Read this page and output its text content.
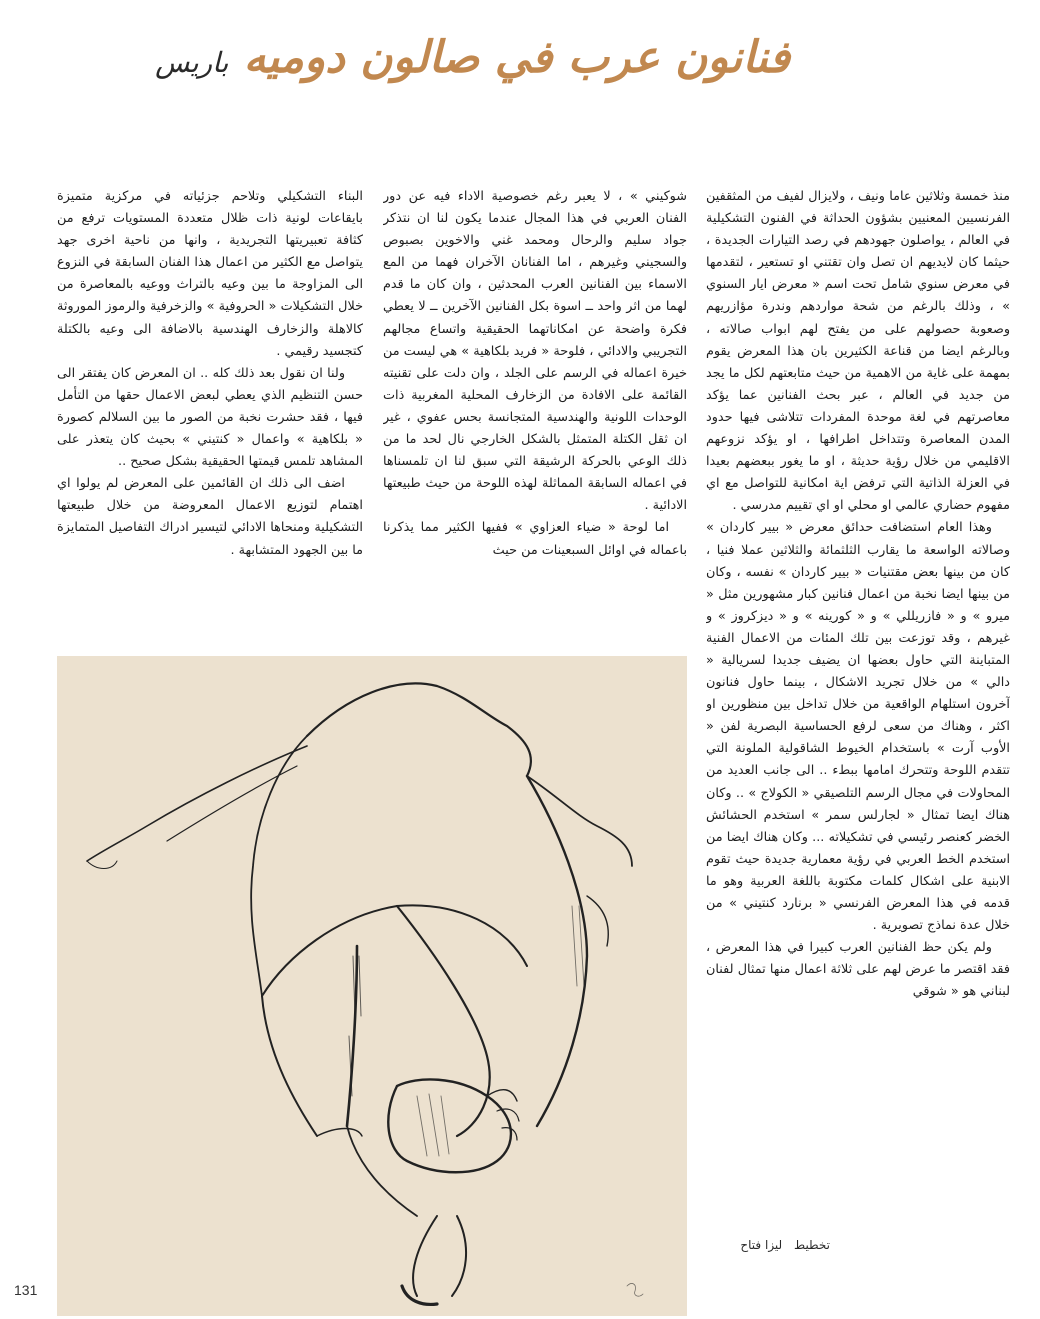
فنانون عرب في صالون دوميه باريس

منذ خمسة وثلاثين عاما ونيف ، ولايزال لفيف من المثقفين الفرنسيين المعنيين بشؤون الحداثة في الفنون التشكيلية في العالم ، يواصلون جهودهم في رصد التيارات الجديدة ، حيثما كان لايديهم ان تصل وان تقتني او تستعير ، لتقدمها في معرض سنوي شامل تحت اسم « معرض ايار السنوي » ، وذلك بالرغم من شحة مواردهم وندرة مؤازريهم وصعوبة حصولهم على من يفتح لهم ابواب صالاته ، وبالرغم ايضا من قناعة الكثيرين بان هذا المعرض يقوم بمهمة على غاية من الاهمية من حيث متابعتهم لكل ما يجد من جديد في العالم ، عبر بحث الفنانين عما يؤكد معاصرتهم في لغة موحدة المفردات تتلاشى فيها حدود المدن المعاصرة وتتداخل اطرافها ، او يؤكد نزوعهم الاقليمي من خلال رؤية حديثة ، او ما يغور ببعضهم بعيدا في العزلة الذاتية التي ترفض اية امكانية للتواصل مع اي مفهوم حضاري عالمي او محلي او اي تقييم مدرسي .

وهذا العام استضافت حدائق معرض « بيير كاردان » وصالاته الواسعة ما يقارب الثلثمائة والثلاثين عملا فنيا ، كان من بينها بعض مقتنيات « بيير كاردان » نفسه ، وكان من بينها ايضا نخبة من اعمال فنانين كبار مشهورين مثل « ميرو » و « فازريللي » و « كورينه » و « ديزكروز » و غيرهم ، وقد توزعت بين تلك المئات من الاعمال الفنية المتباينة التي حاول بعضها ان يضيف جديدا لسريالية « دالي » من خلال تجريد الاشكال ، بينما حاول فنانون آخرون استلهام الواقعية من خلال تداخل بين منظورين او اكثر ، وهناك من سعى لرفع الحساسية البصرية لفن « الأوب آرت » باستخدام الخيوط الشاقولية الملونة التي تتقدم اللوحة وتتحرك امامها ببطء .. الى جانب العديد من المحاولات في مجال الرسم التلصيقي « الكولاج » .. وكان هناك ايضا تمثال « لجارلس سمر » استخدم الحشائش الخضر كعنصر رئيسي في تشكيلاته ... وكان هناك ايضا من استخدم الخط العربي في رؤية معمارية جديدة حيث تقوم الابنية على اشكال كلمات مكتوبة باللغة العربية وهو ما قدمه في هذا المعرض الفرنسي « برنارد كنتيني » من خلال عدة نماذج تصويرية .

ولم يكن حظ الفنانين العرب كبيرا في هذا المعرض ، فقد اقتصر ما عرض لهم على ثلاثة اعمال منها تمثال لفنان لبناني هو « شوقي

شوكيني » ، لا يعبر رغم خصوصية الاداء فيه عن دور الفنان العربي في هذا المجال عندما يكون لنا ان نتذكر جواد سليم والرحال ومحمد غني والاخوين بصبوص والسجيني وغيرهم ، اما الفنانان الآخران فهما من المع الاسماء بين الفنانين العرب المحدثين ، وان كان ما قدم لهما من اثر واحد ــ اسوة بكل الفنانين الآخرين ــ لا يعطي فكرة واضحة عن امكاناتهما الحقيقية واتساع مجالهم التجريبي والادائي ، فلوحة « فريد بلكاهية » هي ليست من خيرة اعماله في الرسم على الجلد ، وان دلت على تقنيته القائمة على الافادة من الزخارف المحلية المغربية ذات الوحدات اللونية والهندسية المتجانسة بحس عفوي ، غير ان ثقل الكتلة المتمثل بالشكل الخارجي نال لحد ما من ذلك الوعي بالحركة الرشيقة التي سبق لنا ان تلمسناها في اعماله السابقة المماثلة لهذه اللوحة من حيث طبيعتها الادائية .

اما لوحة « ضياء العزاوي » ففيها الكثير مما يذكرنا باعماله في اوائل السبعينات من حيث

البناء التشكيلي وتلاحم جزئياته في مركزية متميزة بايقاعات لونية ذات ظلال متعددة المستويات ترفع من كثافة تعبيريتها التجريدية ، وانها من ناحية اخرى جهد يتواصل مع الكثير من اعمال هذا الفنان السابقة في النزوع الى المزاوجة ما بين وعيه بالتراث ووعيه بالمعاصرة من خلال التشكيلات « الحروفية » والزخرفية والرموز الموروثة كالاهلة والزخارف الهندسية بالاضافة الى وعيه بالكتلة كتجسيد رقيمي .

ولنا ان نقول بعد ذلك كله .. ان المعرض كان يفتقر الى حسن التنظيم الذي يعطي لبعض الاعمال حقها من التأمل فيها ، فقد حشرت نخبة من الصور ما بين السلالم كصورة « بلكاهية » واعمال « كنتيني » بحيث كان يتعذر على المشاهد تلمس قيمتها الحقيقية بشكل صحيح ..

اضف الى ذلك ان القائمين على المعرض لم يولوا اي اهتمام لتوزيع الاعمال المعروضة من خلال طبيعتها التشكيلية ومنحاها الادائي لتيسير ادراك التفاصيل المتمايزة ما بين الجهود المتشابهة .

تخطيط ليزا فتاح
131
